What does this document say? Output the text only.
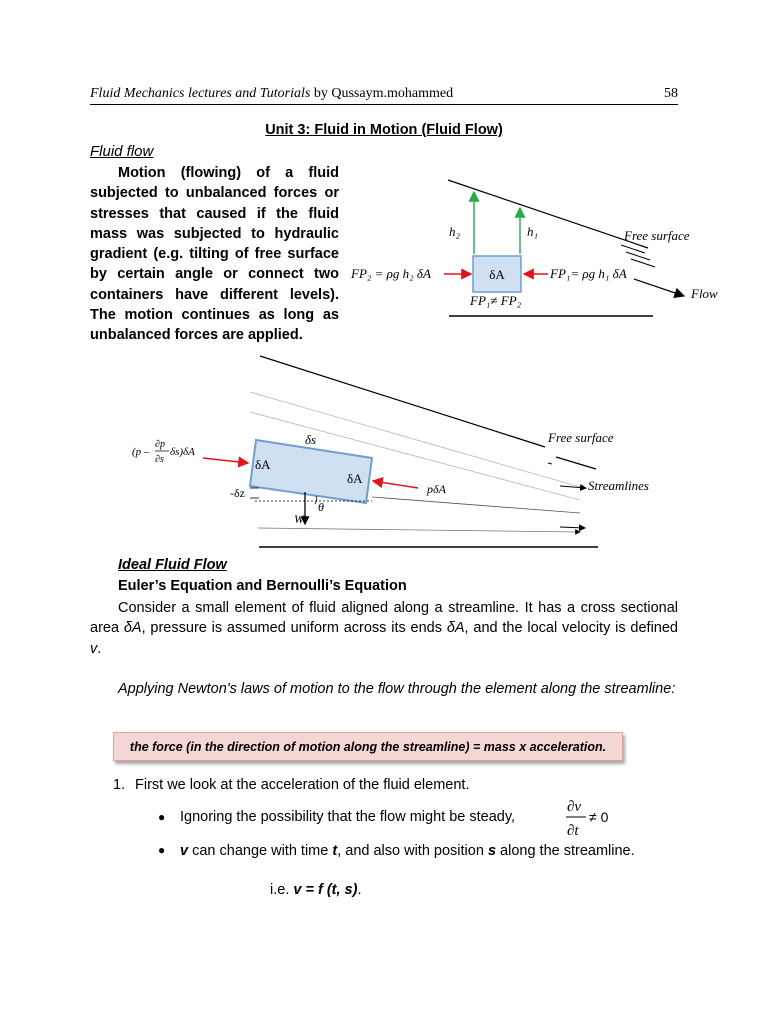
Fluid Mechanics lectures and Tutorials by Qussaym.mohammed	58
Unit 3: Fluid in Motion (Fluid Flow)
Fluid flow
Motion (flowing) of a fluid subjected to unbalanced forces or stresses that caused if the fluid mass was subjected to hydraulic gradient (e.g. tilting of free surface by certain angle or connect two containers have different levels). The motion continues as long as unbalanced forces are applied.
δA
h₂	h₁	Free surface
FP₂ = ρg h₂ δA	FP₁= ρg h₁ δA
FP₁≠ FP₂	Flow
Free surface
Streamlines
δA
δA
δs
pδA
(p –
∂p
∂s
δs)δA
-δz
θ
W
Ideal Fluid Flow
Euler’s Equation and Bernoulli’s Equation
Consider a small element of fluid aligned along a streamline. It has a cross sectional area δA, pressure is assumed uniform across its ends δA, and the local velocity is defined v.
Applying Newton's laws of motion to the flow through the element along the streamline:
the force (in the direction of motion along the streamline) = mass x acceleration.
1. First we look at the acceleration of the fluid element.
● Ignoring the possibility that the flow might be steady,
∂v
∂t
≠ 0
● v can change with time t, and also with position s along the streamline.
i.e. v = f (t, s).
